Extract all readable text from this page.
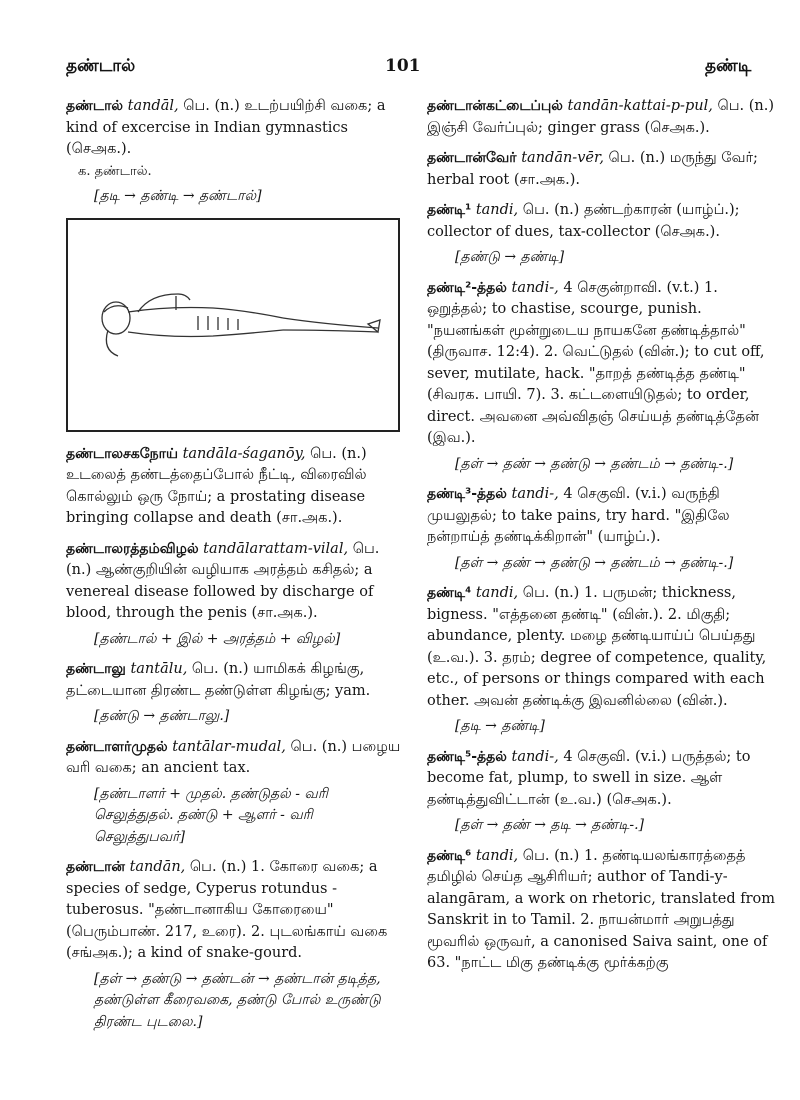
தண்டால்	101	தண்டி
தண்டால் tandāl, பெ. (n.) உடற்பயிற்சி வகை; a kind of excercise in Indian gymnastics (செஅக.).
க. தண்டால்.
[தடி → தண்டி → தண்டால்]
தண்டாலசகநோய் tandāla-śaganōy, பெ. (n.) உடலைத் தண்டத்தைப்போல் நீட்டி, விரைவில் கொல்லும் ஒரு நோய்; a prostating disease bringing collapse and death (சா.அக.).
தண்டாலரத்தம்விழல் tandālarattam-vilal, பெ. (n.) ஆண்குறியின் வழியாக அரத்தம் கசிதல்; a venereal disease followed by discharge of blood, through the penis (சா.அக.).
[தண்டால் + இல் + அரத்தம் + விழல்]
தண்டாலு tantālu, பெ. (n.) யாமிகக் கிழங்கு, தட்டையான திரண்ட தண்டுள்ள கிழங்கு; yam.
[தண்டு → தண்டாலு.]
தண்டாளர்முதல் tantālar-mudal, பெ. (n.) பழைய வரி வகை; an ancient tax.
[தண்டாளர் + முதல். தண்டுதல் - வரி செலுத்துதல். தண்டு + ஆளர் - வரி செலுத்துபவர்]
தண்டான் tandān, பெ. (n.) 1. கோரை வகை; a species of sedge, Cyperus rotundus - tuberosus. "தண்டானாகிய கோரையை" (பெரும்பாண். 217, உரை). 2. புடலங்காய் வகை (சங்அக.); a kind of snake-gourd.
[தள் → தண்டு → தண்டன் → தண்டான் தடித்த, தண்டுள்ள கீரைவகை, தண்டு போல் உருண்டு திரண்ட புடலை.]
தண்டான்கட்டைப்புல் tandān-kattai-p-pul, பெ. (n.) இஞ்சி வேர்ப்புல்; ginger grass (செஅக.).
தண்டான்வேர் tandān-vēr, பெ. (n.) மருந்து வேர்; herbal root (சா.அக.).
தண்டி¹ tandi, பெ. (n.) தண்டற்காரன் (யாழ்ப்.); collector of dues, tax-collector (செஅக.).
[தண்டு → தண்டி]
தண்டி²-த்தல் tandi-, 4 செகுன்றாவி. (v.t.) 1. ஒறுத்தல்; to chastise, scourge, punish. "நயனங்கள் மூன்றுடைய நாயகனே தண்டித்தால்" (திருவாச. 12:4). 2. வெட்டுதல் (வின்.); to cut off, sever, mutilate, hack. "தாறத் தண்டித்த தண்டி" (சிவரக. பாயி. 7). 3. கட்டளையிடுதல்; to order, direct. அவனை அவ்விதஞ் செய்யத் தண்டித்தேன் (இவ.).
[தள் → தண் → தண்டு → தண்டம் → தண்டி-.]
தண்டி³-த்தல் tandi-, 4 செகுவி. (v.i.) வருந்தி முயலுதல்; to take pains, try hard. "இதிலே நன்றாய்த் தண்டிக்கிறான்" (யாழ்ப்.).
[தள் → தண் → தண்டு → தண்டம் → தண்டி-.]
தண்டி⁴ tandi, பெ. (n.) 1. பருமன்; thickness, bigness. "எத்தனை தண்டி" (வின்.). 2. மிகுதி; abundance, plenty. மழை தண்டியாய்ப் பெய்தது (உ.வ.). 3. தரம்; degree of competence, quality, etc., of persons or things compared with each other. அவன் தண்டிக்கு இவனில்லை (வின்.).
[தடி → தண்டி]
தண்டி⁵-த்தல் tandi-, 4 செகுவி. (v.i.) பருத்தல்; to become fat, plump, to swell in size. ஆள் தண்டித்துவிட்டான் (உ.வ.) (செஅக.).
[தள் → தண் → தடி → தண்டி-.]
தண்டி⁶ tandi, பெ. (n.) 1. தண்டியலங்காரத்தைத் தமிழில் செய்த ஆசிரியர்; author of Tandi-y-alangāram, a work on rhetoric, translated from Sanskrit in to Tamil. 2. நாயன்மார் அறுபத்து மூவரில் ஒருவர், a canonised Saiva saint, one of 63. "நாட்ட மிகு தண்டிக்கு மூர்க்கற்கு
